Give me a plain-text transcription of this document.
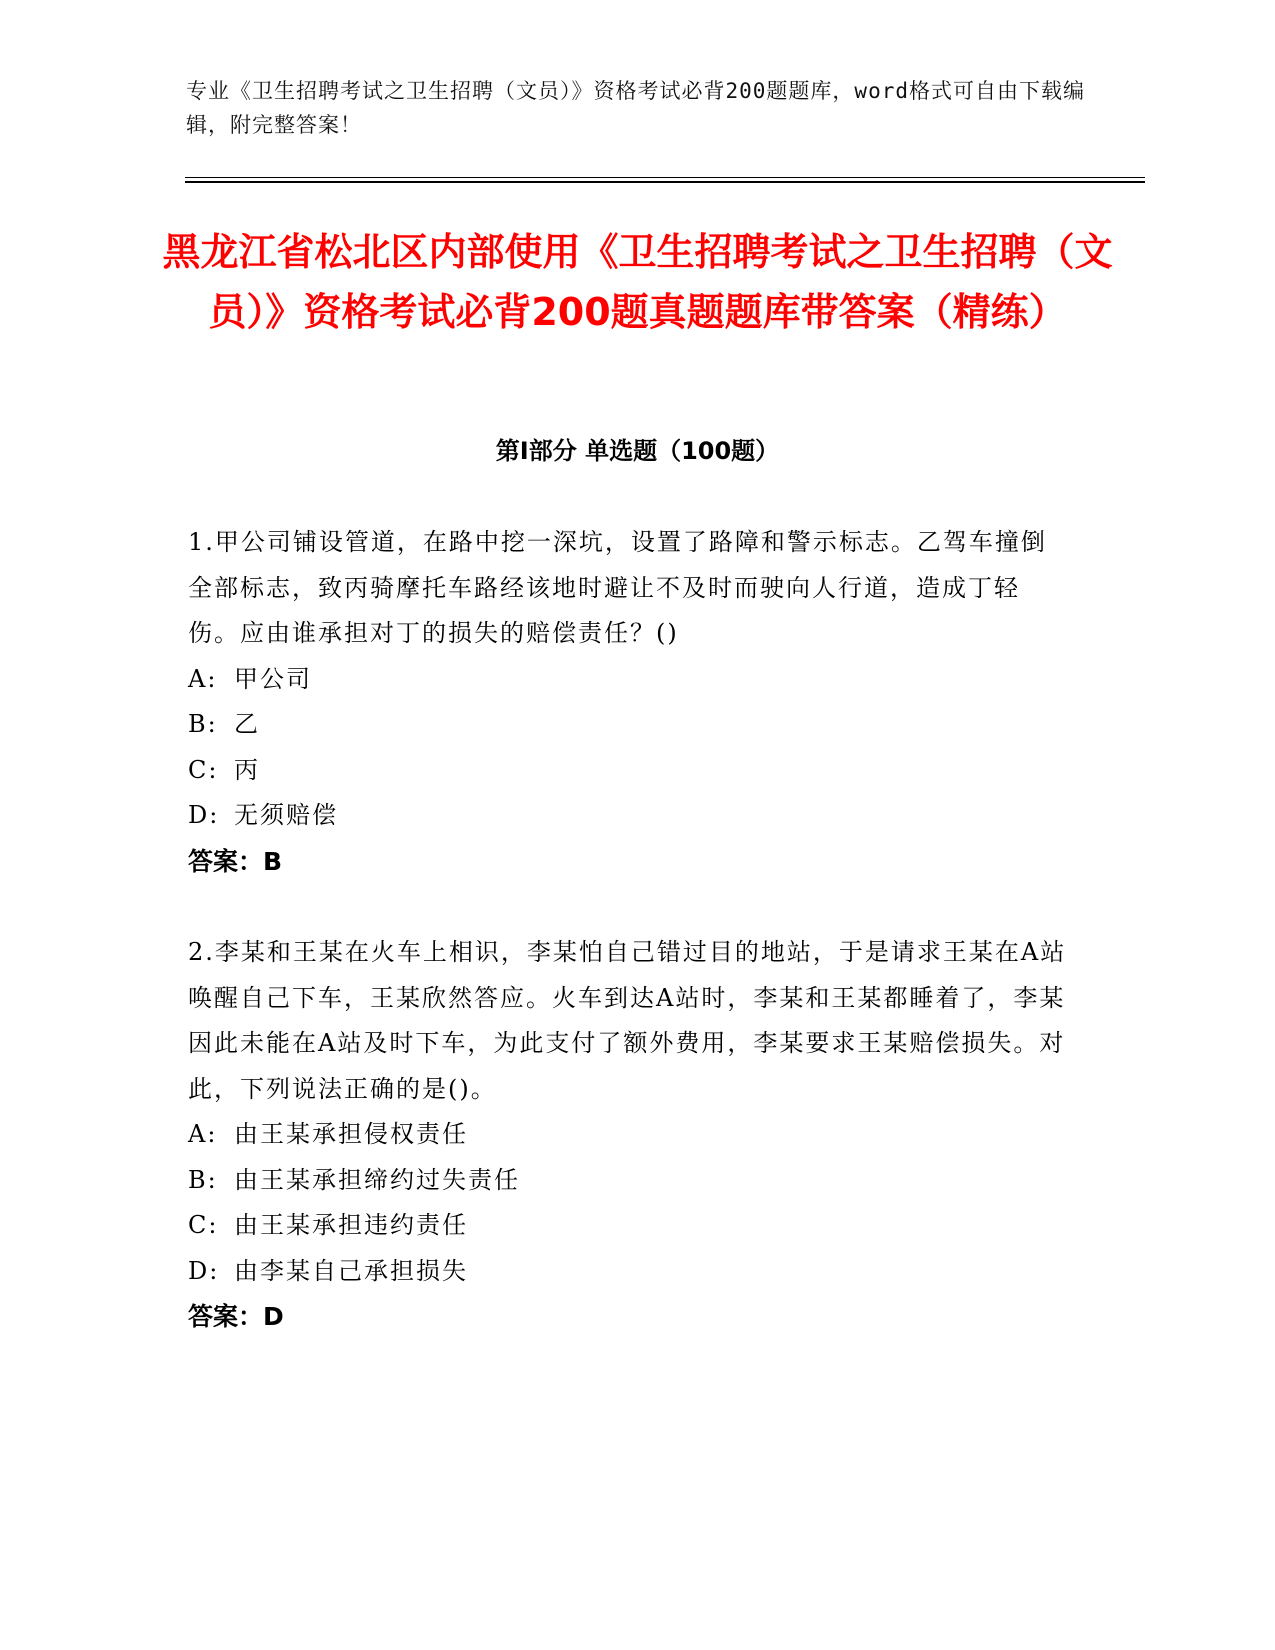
专业《卫生招聘考试之卫生招聘（文员）》资格考试必背200题题库，word格式可自由下载编辑，附完整答案！
黑龙江省松北区内部使用《卫生招聘考试之卫生招聘（文员）》资格考试必背200题真题题库带答案（精练）
第Ⅰ部分 单选题（100题）

1.甲公司铺设管道，在路中挖一深坑，设置了路障和警示标志。乙驾车撞倒全部标志，致丙骑摩托车路经该地时避让不及时而驶向人行道，造成丁轻伤。应由谁承担对丁的损失的赔偿责任？()

A: 甲公司

B: 乙

C: 丙

D: 无须赔偿

答案：B

2.李某和王某在火车上相识，李某怕自己错过目的地站，于是请求王某在A站唤醒自己下车，王某欣然答应。火车到达A站时，李某和王某都睡着了，李某因此未能在A站及时下车，为此支付了额外费用，李某要求王某赔偿损失。对此，下列说法正确的是()。

A: 由王某承担侵权责任

B: 由王某承担缔约过失责任

C: 由王某承担违约责任

D: 由李某自己承担损失

答案：D
